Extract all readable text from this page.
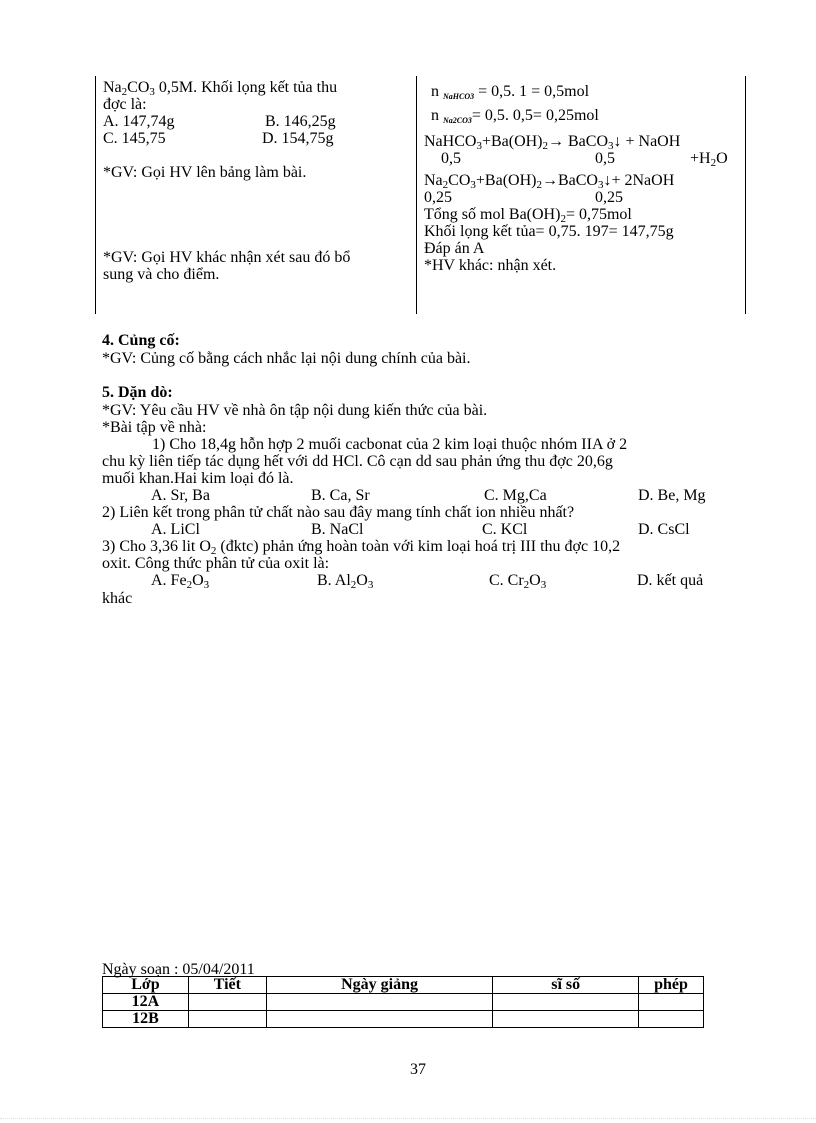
$Na_2CO_3$ 0,5M. Khối lọng kết tủa thu
đợc là:
A. 147,74g	B. 146,25g
C. 145,75	D. 154,75g
*GV: Gọi HV lên bảng làm bài.
*GV: Gọi HV khác nhận xét sau đó bổ
sung và cho điểm.
n NaHCO3 = 0,5. 1 = 0,5mol
n Na2CO3= 0,5. 0,5= 0,25mol
$NaHCO_3+Ba(OH)_2\to$ BaCO$_3$↓ + NaOH
0,5	0,5	$+H_2O$
$Na_2CO_3+Ba(OH)_2\to BaCO_3↓+$ 2NaOH
0,25	0,25
Tổng số mol $Ba(OH)_2= 0,75mol$
Khối lọng kết tủa= 0,75. 197= 147,75g
Đáp án A
*HV khác: nhận xét.
4. Củng cố:
*GV: Củng cố bằng cách nhắc lại nội dung chính của bài.
5. Dặn dò:
*GV: Yêu cầu HV về nhà ôn tập nội dung kiến thức của bài.
*Bài tập về nhà:
1) Cho 18,4g hỗn hợp 2 muối cacbonat của 2 kim loại thuộc nhóm IIA ở 2
chu kỳ liên tiếp tác dụng hết với dd HCl. Cô cạn dd sau phản ứng thu đợc 20,6g
muối khan.Hai kim loại đó là.
A. Sr, Ba	B. Ca, Sr	C. Mg,Ca	D. Be, Mg
2) Liên kết trong phân tử chất nào sau đây mang tính chất ion nhiều nhất?
A. LiCl	B. NaCl	C. KCl	D. CsCl
3) Cho 3,36 lit $O_2$ (đktc) phản ứng hoàn toàn với kim loại hoá trị III thu đợc 10,2
oxit. Công thức phân tử của oxit là:
A. $Fe_2O_3$	B. $Al_2O_3$	C. $Cr_2O_3$	D. kết quả
khác
Ngày soạn : 05/04/2011
Lớp	Tiết	Ngày giảng	sĩ số	phép
12A				
12B				
37
